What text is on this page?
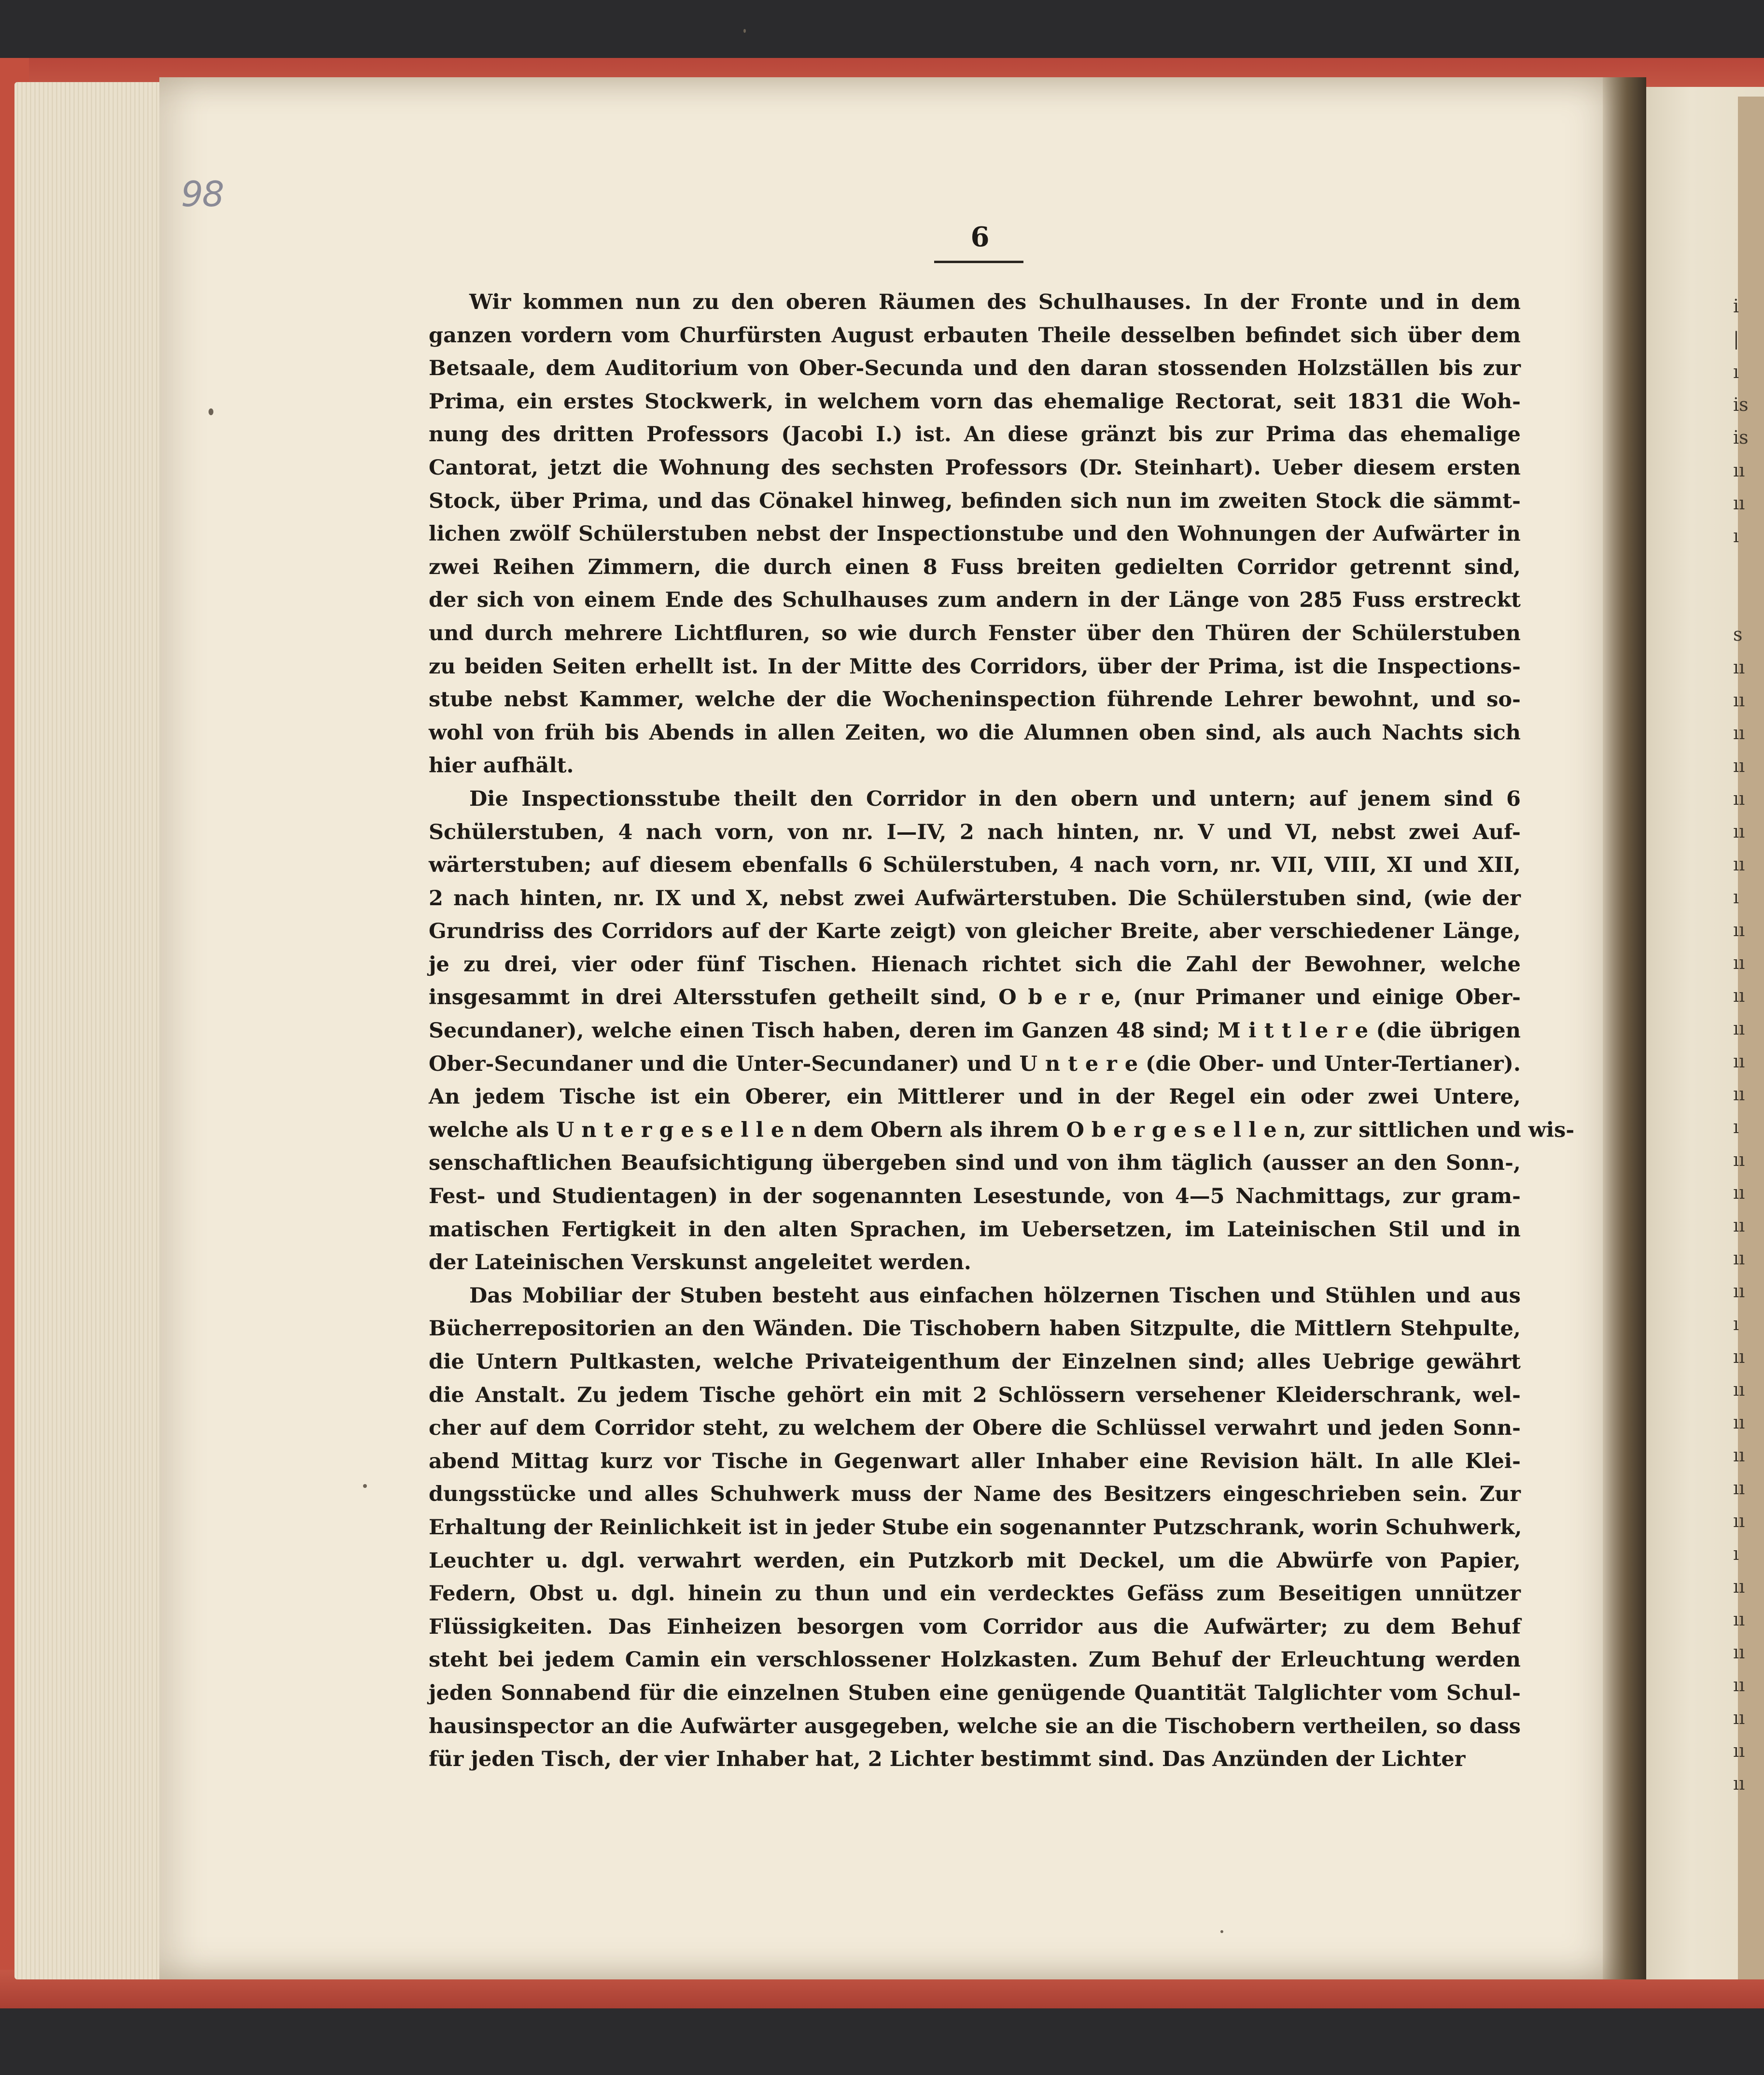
98
6
Wir kommen nun zu den oberen Räumen des Schulhauses. In der Fronte und in dem
ganzen vordern vom Churfürsten August erbauten Theile desselben befindet sich über dem
Betsaale, dem Auditorium von Ober-Secunda und den daran stossenden Holzställen bis zur
Prima, ein erstes Stockwerk, in welchem vorn das ehemalige Rectorat, seit 1831 die Woh-
nung des dritten Professors (Jacobi I.) ist. An diese gränzt bis zur Prima das ehemalige
Cantorat, jetzt die Wohnung des sechsten Professors (Dr. Steinhart). Ueber diesem ersten
Stock, über Prima, und das Cönakel hinweg, befinden sich nun im zweiten Stock die sämmt-
lichen zwölf Schülerstuben nebst der Inspectionstube und den Wohnungen der Aufwärter in
zwei Reihen Zimmern, die durch einen 8 Fuss breiten gedielten Corridor getrennt sind,
der sich von einem Ende des Schulhauses zum andern in der Länge von 285 Fuss erstreckt
und durch mehrere Lichtfluren, so wie durch Fenster über den Thüren der Schülerstuben
zu beiden Seiten erhellt ist. In der Mitte des Corridors, über der Prima, ist die Inspections-
stube nebst Kammer, welche der die Wocheninspection führende Lehrer bewohnt, und so-
wohl von früh bis Abends in allen Zeiten, wo die Alumnen oben sind, als auch Nachts sich
hier aufhält.
Die Inspectionsstube theilt den Corridor in den obern und untern; auf jenem sind 6
Schülerstuben, 4 nach vorn, von nr. I—IV, 2 nach hinten, nr. V und VI, nebst zwei Auf-
wärterstuben; auf diesem ebenfalls 6 Schülerstuben, 4 nach vorn, nr. VII, VIII, XI und XII,
2 nach hinten, nr. IX und X, nebst zwei Aufwärterstuben. Die Schülerstuben sind, (wie der
Grundriss des Corridors auf der Karte zeigt) von gleicher Breite, aber verschiedener Länge,
je zu drei, vier oder fünf Tischen. Hienach richtet sich die Zahl der Bewohner, welche
insgesammt in drei Altersstufen getheilt sind, O b e r e, (nur Primaner und einige Ober-
Secundaner), welche einen Tisch haben, deren im Ganzen 48 sind; M i t t l e r e (die übrigen
Ober-Secundaner und die Unter-Secundaner) und U n t e r e (die Ober- und Unter-Tertianer).
An jedem Tische ist ein Oberer, ein Mittlerer und in der Regel ein oder zwei Untere,
welche als U n t e r g e s e l l e n dem Obern als ihrem O b e r g e s e l l e n, zur sittlichen und wis-
senschaftlichen Beaufsichtigung übergeben sind und von ihm täglich (ausser an den Sonn-,
Fest- und Studientagen) in der sogenannten Lesestunde, von 4—5 Nachmittags, zur gram-
matischen Fertigkeit in den alten Sprachen, im Uebersetzen, im Lateinischen Stil und in
der Lateinischen Verskunst angeleitet werden.
Das Mobiliar der Stuben besteht aus einfachen hölzernen Tischen und Stühlen und aus
Bücherrepositorien an den Wänden. Die Tischobern haben Sitzpulte, die Mittlern Stehpulte,
die Untern Pultkasten, welche Privateigenthum der Einzelnen sind; alles Uebrige gewährt
die Anstalt. Zu jedem Tische gehört ein mit 2 Schlössern versehener Kleiderschrank, wel-
cher auf dem Corridor steht, zu welchem der Obere die Schlüssel verwahrt und jeden Sonn-
abend Mittag kurz vor Tische in Gegenwart aller Inhaber eine Revision hält. In alle Klei-
dungsstücke und alles Schuhwerk muss der Name des Besitzers eingeschrieben sein. Zur
Erhaltung der Reinlichkeit ist in jeder Stube ein sogenannter Putzschrank, worin Schuhwerk,
Leuchter u. dgl. verwahrt werden, ein Putzkorb mit Deckel, um die Abwürfe von Papier,
Federn, Obst u. dgl. hinein zu thun und ein verdecktes Gefäss zum Beseitigen unnützer
Flüssigkeiten. Das Einheizen besorgen vom Corridor aus die Aufwärter; zu dem Behuf
steht bei jedem Camin ein verschlossener Holzkasten. Zum Behuf der Erleuchtung werden
jeden Sonnabend für die einzelnen Stuben eine genügende Quantität Talglichter vom Schul-
hausinspector an die Aufwärter ausgegeben, welche sie an die Tischobern vertheilen, so dass
für jeden Tisch, der vier Inhaber hat, 2 Lichter bestimmt sind. Das Anzünden der Lichter
i
|
ı
is
is
ıı
ıı
ı
s
ıı
ıı
ıı
ıı
ıı
ıı
ıı
ı
ıı
ıı
ıı
ıı
ıı
ıı
ı
ıı
ıı
ıı
ıı
ıı
ı
ıı
ıı
ıı
ıı
ıı
ıı
ı
ıı
ıı
ıı
ıı
ıı
ıı
ıı
